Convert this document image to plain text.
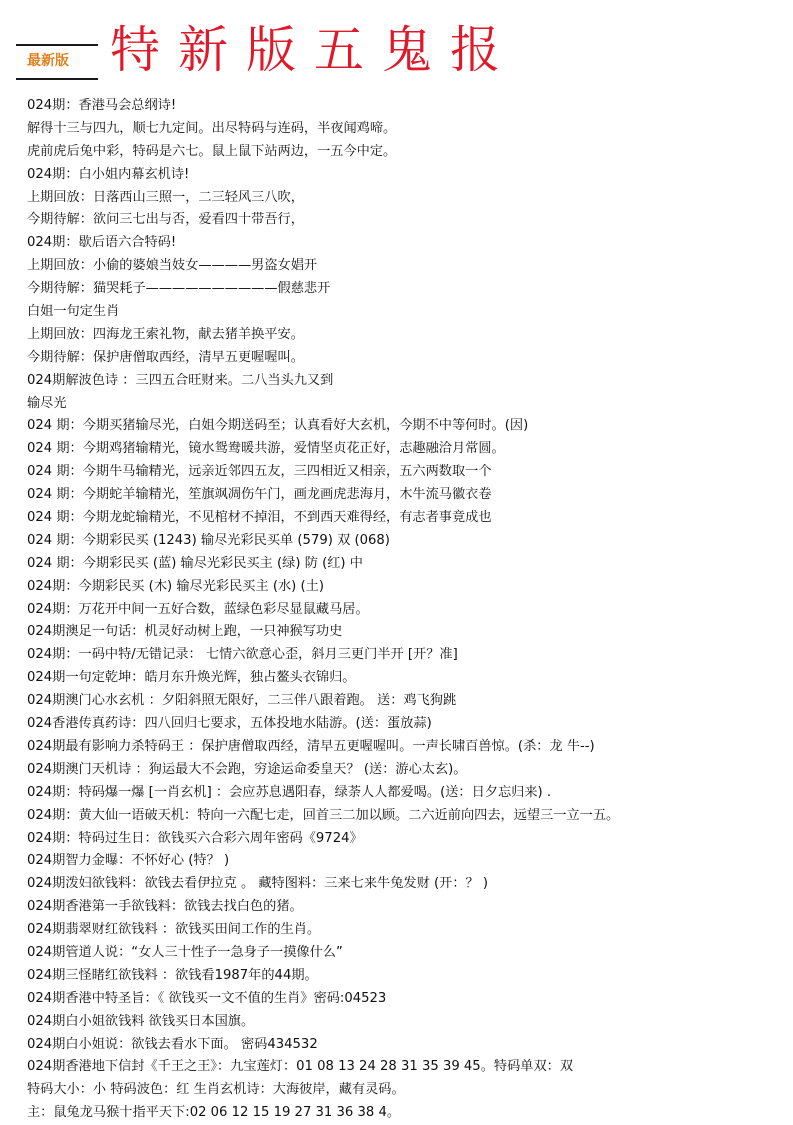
最新版 特新版五鬼报
024期：香港马会总纲诗!
解得十三与四九，顺七九定间。出尽特码与连码，半夜闻鸡啼。
虎前虎后兔中彩，特码是六七。鼠上鼠下站两边，一五今中定。
024期：白小姐内幕玄机诗!
上期回放：日落西山三照一，二三轻风三八吹，
今期待解：欲问三七出与否，爱看四十带吾行，
024期：歇后语六合特码!
上期回放：小偷的婆娘当妓女————男盗女娼开
今期待解：猫哭耗子——————————假慈悲开
白姐一句定生肖
上期回放：四海龙王索礼物，献去猪羊换平安。
今期待解：保护唐僧取西经，清早五更喔喔叫。
024期解波色诗 ：三四五合旺财来。二八当头九又到
输尽光
024 期：今期买猪输尽光，白姐今期送码至；认真看好大玄机，今期不中等何时。(因)
024 期：今期鸡猪输精光，镜水鸳鸯暖共游，爱情坚贞花正好，志趣融洽月常圆。
024 期：今期牛马输精光，远亲近邻四五友，三四相近又相亲，五六两数取一个
024 期：今期蛇羊输精光，笙旗飒凋伤午门，画龙画虎悲海月，木牛流马徽衣卷
024 期：今期龙蛇输精光，不见棺材不掉泪，不到西天难得经，有志者事竟成也
024 期：今期彩民买 (1243) 输尽光彩民买单 (579) 双 (068)
024 期：今期彩民买 (蓝) 输尽光彩民买主 (绿) 防 (红) 中
024期：今期彩民买 (木) 输尽光彩民买主 (水) (土)
024期：万花开中间一五好合数，蓝绿色彩尽显鼠藏马居。
024期澳足一句话：机灵好动树上跑，一只神猴写功史
024期：一码中特/无错记录： 七情六欲意心歪，斜月三更门半开 [开？准]
024期一句定乾坤：皓月东升焕光辉，独占鳌头衣锦归。
024期澳门心水玄机 ：夕阳斜照无限好，二三伴八跟着跑。 送：鸡飞狗跳
024香港传真药诗：四八回归七要求，五体投地水陆游。(送：蛋放蒜)
024期最有影响力杀特码王 ：保护唐僧取西经，清早五更喔喔叫。一声长啸百兽惊。(杀：龙 牛--)
024期澳门天机诗 ：狗运最大不会跑，穷途运命委皇天？ (送：游心太玄)。
024期：特码爆一爆 [一肖玄机] ：会应苏息遇阳春，绿荼人人都爱喝。(送：日夕忘归来) .
024期：黄大仙一语破天机：特向一六配七走，回首三二加以顾。二六近前向四去，远望三一立一五。
024期：特码过生日：欲钱买六合彩六周年密码《9724》
024期智力金曝：不怀好心 (特？ )
024期泼妇欲钱料：欲钱去看伊拉克 。 藏特图料：三来七来牛兔发财 (开：？ )
024期香港第一手欲钱料：欲钱去找白色的猪。
024期翡翠财红欲钱料 ：欲钱买田间工作的生肖。
024期管道人说：“女人三十性子一急身子一摸像什么”
024期三怪睹红欲钱料 ：欲钱看1987年的44期。
024期香港中特圣旨：《 欲钱买一文不值的生肖》密码:04523
024期白小姐欲钱料 欲钱买日本国旗。
024期白小姐说：欲钱去看水下面。 密码434532
024期香港地下信封《千王之王》：九宝莲灯：01 08 13 24 28 31 35 39 45。特码单双：双
特码大小：小 特码波色：红 生肖玄机诗：大海彼岸，藏有灵码。
主：鼠兔龙马猴十指平天下:02 06 12 15 19 27 31 36 38 4。
